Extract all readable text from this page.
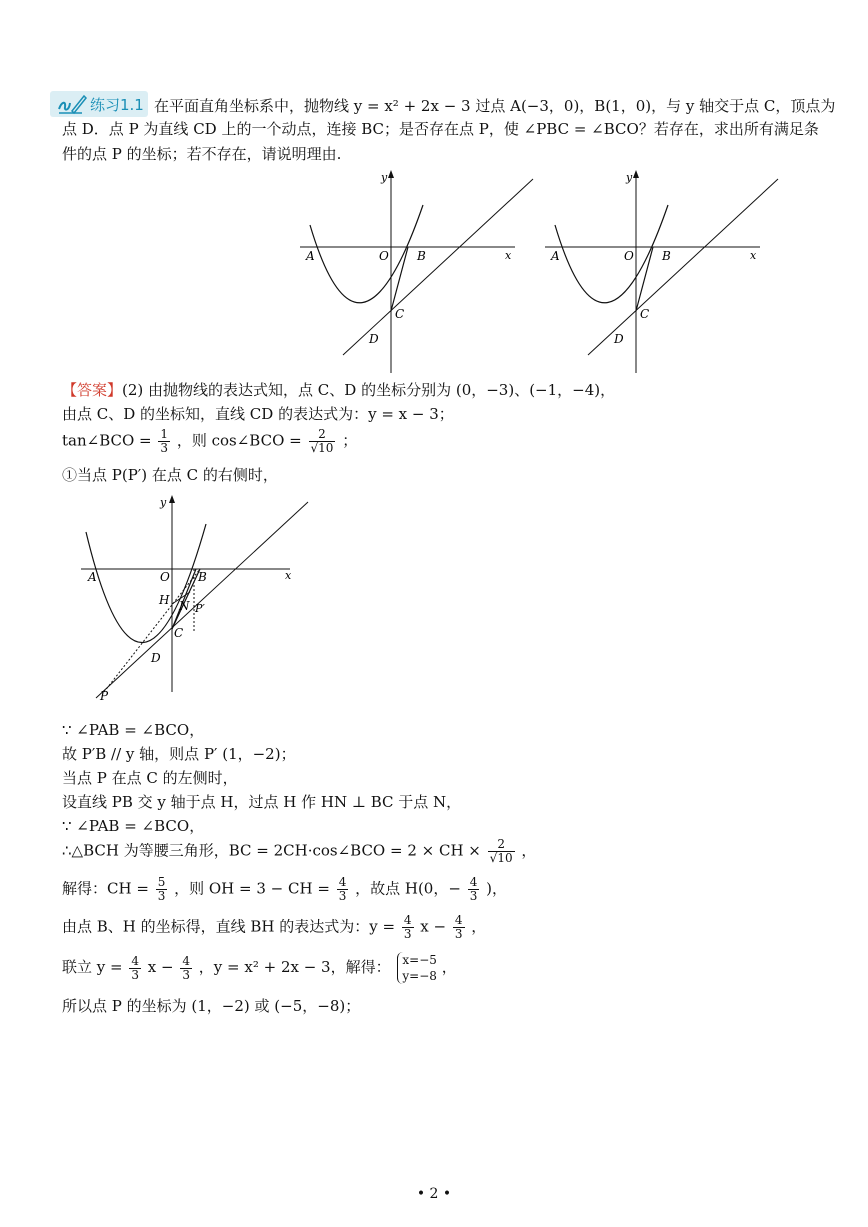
练习1.1 在平面直角坐标系中，抛物线 y = x² + 2x − 3 过点 A(−3，0)，B(1，0)，与 y 轴交于点 C，顶点为
点 D．点 P 为直线 CD 上的一个动点，连接 BC；是否存在点 P，使 ∠PBC = ∠BCO？若存在，求出所有满足条
件的点 P 的坐标；若不存在，请说明理由.
y
x
A	O B
C
D
y
x
A	O B
C
D
【答案】(2) 由抛物线的表达式知，点 C、D 的坐标分别为 (0，−3)、(−1，−4)，
由点 C、D 的坐标知，直线 CD 的表达式为：y = x − 3；
tan∠BCO = $\frac{1}{3}$ ，则 cos∠BCO = $\frac{2}{√10}$ ；
①当点 P(P′) 在点 C 的右侧时，
y
x
A	O B
H N P′
C
D
P
∵ ∠PAB = ∠BCO，
故 P′B // y 轴，则点 P′ (1，−2)；
当点 P 在点 C 的左侧时，
设直线 PB 交 y 轴于点 H，过点 H 作 HN ⊥ BC 于点 N，
∵ ∠PAB = ∠BCO，
∴△BCH 为等腰三角形，BC = 2CH·cos∠BCO = 2 × CH × $\frac{2}{√10}$ ，
解得：CH = $\frac{5}{3}$ ，则 OH = 3 − CH = $\frac{4}{3}$ ，故点 H(0，− $\frac{4}{3}$ )，
由点 B、H 的坐标得，直线 BH 的表达式为：$y = \frac{4}{3}$ $x - \frac{4}{3}$ ，
联立 $y = \frac{4}{3}$ $x - \frac{4}{3}$ ，y = x² + 2x − 3，解得： x=−5
y=−8 ，
所以点 P 的坐标为 (1，−2) 或 (−5，−8)；
• 2 •
